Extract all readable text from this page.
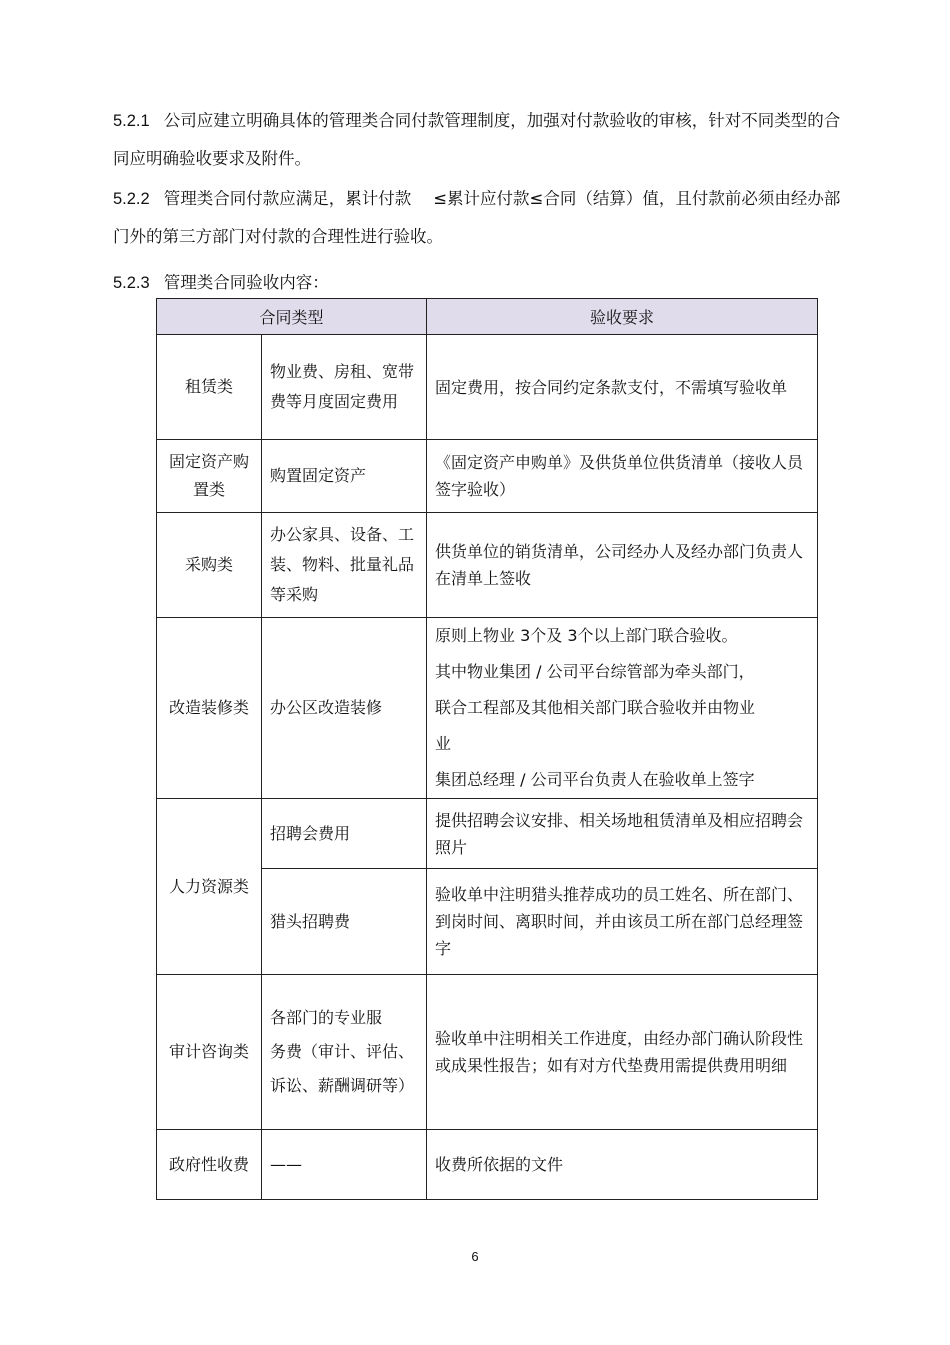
5.2.1 公司应建立明确具体的管理类合同付款管理制度，加强对付款验收的审核，针对不同类型的合同应明确验收要求及附件。
5.2.2 管理类合同付款应满足，累计付款 ≤累计应付款≤合同（结算）值，且付款前必须由经办部门外的第三方部门对付款的合理性进行验收。
5.2.3 管理类合同验收内容：
合同类型		验收要求
租赁类	物业费、房租、宽带费等月度固定费用	固定费用，按合同约定条款支付，不需填写验收单
固定资产购置类	购置固定资产	《固定资产申购单》及供货单位供货清单（接收人员签字验收）
采购类	办公家具、设备、工装、物料、批量礼品等采购	供货单位的销货清单，公司经办人及经办部门负责人在清单上签收
改造装修类	办公区改造装修	原则上物业 3个及 3个以上部门联合验收。
其中物业集团 / 公司平台综管部为牵头部门，
联合工程部及其他相关部门联合验收并由物业
业
集团总经理 / 公司平台负责人在验收单上签字

人力资源类	招聘会费用	提供招聘会议安排、相关场地租赁清单及相应招聘会照片
	猎头招聘费	验收单中注明猎头推荐成功的员工姓名、所在部门、到岗时间、离职时间，并由该员工所在部门总经理签字
审计咨询类	各部门的专业服
务费（审计、评估、
诉讼、薪酬调研等）	验收单中注明相关工作进度，由经办部门确认阶段性或成果性报告；如有对方代垫费用需提供费用明细
政府性收费	——	收费所依据的文件
6
